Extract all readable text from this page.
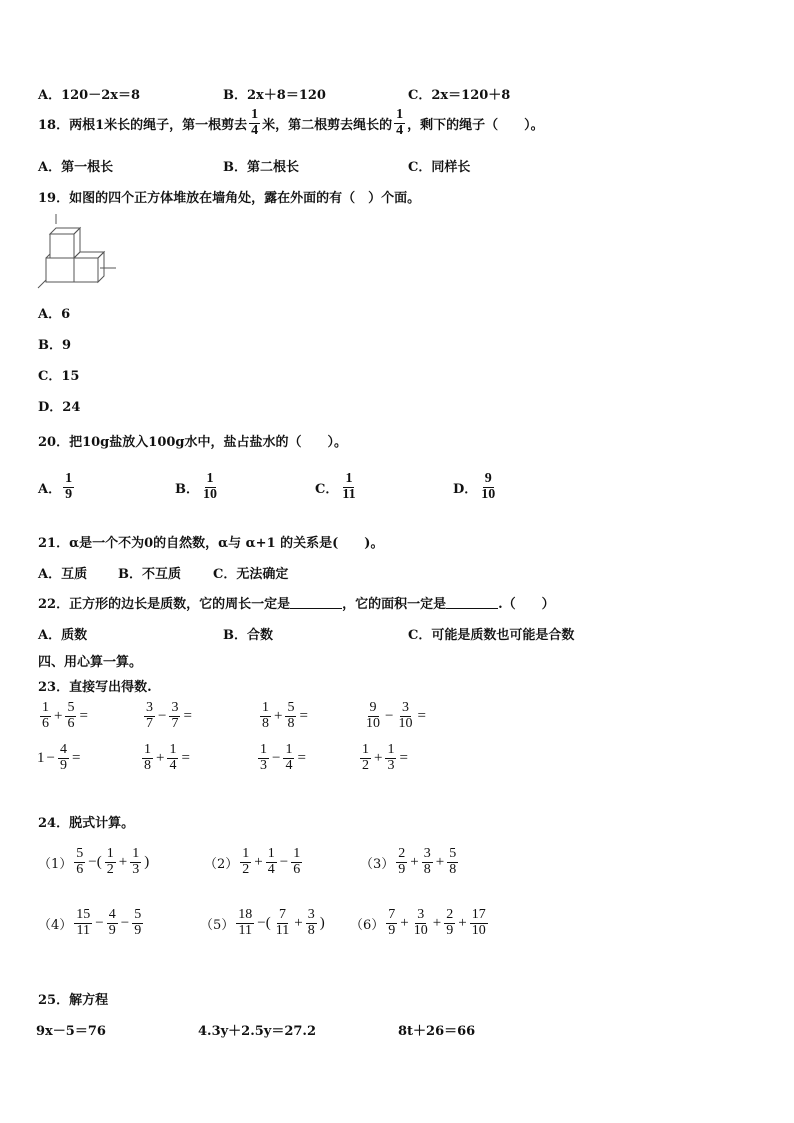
A．120－2x＝8	B．2x＋8＝120	C．2x＝120＋8
18． 两根1米长的绳子，第一根剪去 $\frac{1}{4}$ 米，第二根剪去绳长的 $\frac{1}{4}$ ，剩下的绳子（　　）。
A．第一根长	B．第二根长	C．同样长
19．如图的四个正方体堆放在墙角处，露在外面的有（　）个面。
A．6
B．9
C．15
D．24
20．把10g盐放入100g水中，盐占盐水的（　　）。
A． $\frac{1}{9}$	B． $\frac{1}{10}$	C． $\frac{1}{11}$	D． $\frac{9}{10}$
21．α是一个不为0的自然数，α与 α+1 的关系是(　　)。
A．互质 B．不互质 C．无法确定
22．正方形的边长是质数，它的周长一定是	，它的面积一定是	.（　　）
A．质数	B．合数	C．可能是质数也可能是合数
四、用心算一算。
23．直接写出得数.
$\frac{1}{6} + \frac{5}{6}$ =	$\frac{3}{7} - \frac{3}{7}$ =	$\frac{1}{8} + \frac{5}{8}$ =	$\frac{9}{10} - \frac{3}{10}$ =
$1 - \frac{4}{9}$ =	$\frac{1}{8} + \frac{1}{4}$ =	$\frac{1}{3} - \frac{1}{4}$ =	$\frac{1}{2} + \frac{1}{3}$ =
24．脱式计算。
$(1) \frac{5}{6}$ −( $\frac{1}{2} + \frac{1}{3}$ )	$(2) \frac{1}{2} + \frac{1}{4} - \frac{1}{6}$	$(3) \frac{2}{9} + \frac{3}{8} + \frac{5}{8}$
$(4) \frac{15}{11} - \frac{4}{9} - \frac{5}{9}$	$(5) \frac{18}{11}$ −( $\frac{7}{11} + \frac{3}{8}$ ) $(6) \frac{7}{9} + \frac{3}{10} + \frac{2}{9} + \frac{17}{10}$
25．解方程
9x－5＝76	4.3y＋2.5y＝27.2	8t＋26＝66
